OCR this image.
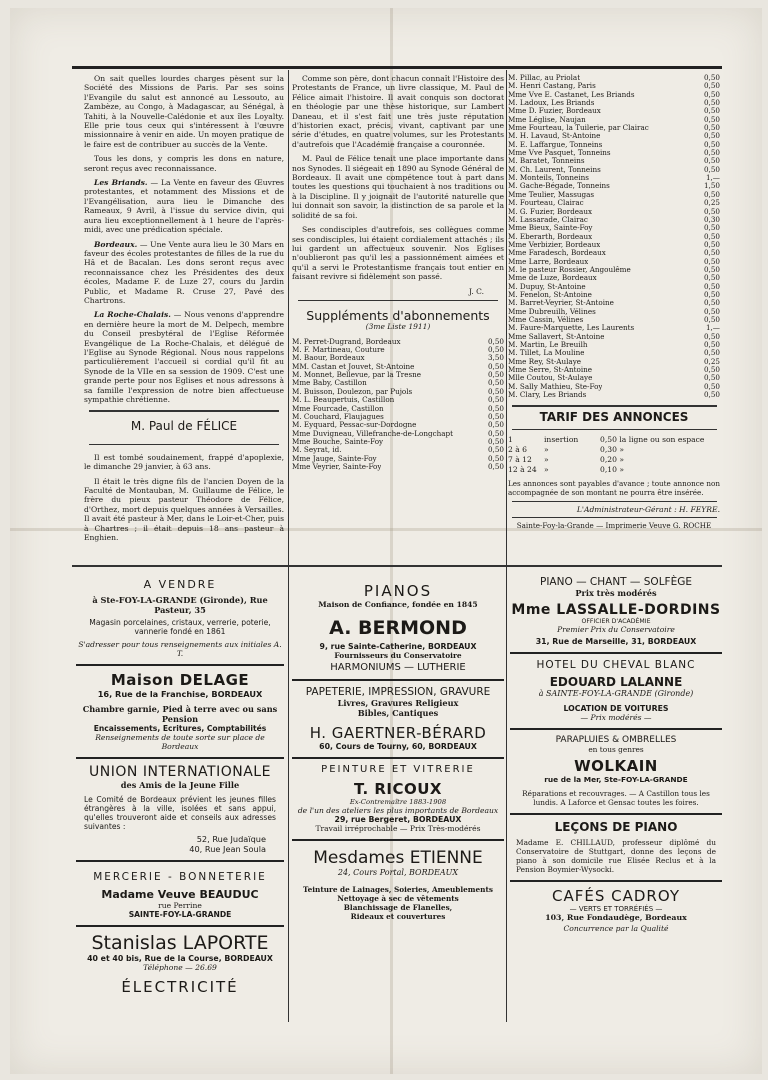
On sait quelles lourdes charges pèsent sur la Société des Missions de Paris. Par ses soins l'Evangile du salut est annoncé au Lessouto, au Zambèze, au Congo, à Madagascar, au Sénégal, à Tahiti, à la Nouvelle-Calédonie et aux îles Loyalty. Elle prie tous ceux qui s'intéressent à l'œuvre missionnaire à venir en aide. Un moyen pratique de le faire est de contribuer au succès de la Vente.

Tous les dons, y compris les dons en nature, seront reçus avec reconnaissance.

Les Briands. — La Vente en faveur des Œuvres protestantes, et notamment des Missions et de l'Evangélisation, aura lieu le Dimanche des Rameaux, 9 Avril, à l'issue du service divin, qui aura lieu exceptionnellement à 1 heure de l'après-midi, avec une prédication spéciale.

Bordeaux. — Une Vente aura lieu le 30 Mars en faveur des écoles protestantes de filles de la rue du Hâ et de Bacalan. Les dons seront reçus avec reconnaissance chez les Présidentes des deux écoles, Madame F. de Luze 27, cours du Jardin Public, et Madame R. Cruse 27, Pavé des Chartrons.

La Roche-Chalais. — Nous venons d'apprendre en dernière heure la mort de M. Delpech, membre du Conseil presbytéral de l'Eglise Réformée Evangélique de La Roche-Chalais, et délégué de l'Eglise au Synode Régional. Nous nous rappelons particulièrement l'accueil si cordial qu'il fit au Synode de la VIIe en sa session de 1909. C'est une grande perte pour nos Eglises et nous adressons à sa famille l'expression de notre bien affectueuse sympathie chrétienne.

M. Paul de FÉLICE

Il est tombé soudainement, frappé d'apoplexie, le dimanche 29 janvier, à 63 ans.

Il était le très digne fils de l'ancien Doyen de la Faculté de Montauban, M. Guillaume de Félice, le frère du pieux pasteur Théodore de Félice, d'Orthez, mort depuis quelques années à Versailles. Il avait été pasteur à Mer, dans le Loir-et-Cher, puis à Chartres ; il était depuis 18 ans pasteur à Enghien.

Comme son père, dont chacun connaît l'Histoire des Protestants de France, un livre classique, M. Paul de Félice aimait l'histoire. Il avait conquis son doctorat en théologie par une thèse historique, sur Lambert Daneau, et il s'est fait une très juste réputation d'historien exact, précis, vivant, captivant par une série d'études, en quatre volumes, sur les Protestants d'autrefois que l'Académie française a couronnée.

M. Paul de Félice tenait une place importante dans nos Synodes. Il siégeait en 1890 au Synode Général de Bordeaux. Il avait une compétence tout à part dans toutes les questions qui touchaient à nos traditions ou à la Discipline. Il y joignait de l'autorité naturelle que lui donnait son savoir, la distinction de sa parole et la solidité de sa foi.

Ses condisciples d'autrefois, ses collègues comme ses condisciples, lui étaient cordialement attachés ; ils lui gardent un affectueux souvenir. Nos Eglises n'oublieront pas qu'il les a passionnément aimées et qu'il a servi le Protestantisme français tout entier en faisant revivre si fidèlement son passé.

J. C.
Suppléments d'abonnements
(3me Liste 1911)
M. Perret-Dugrand, Bordeaux	0,50
M. F. Martineau, Couture	0,50
M. Baour, Bordeaux	3,50
MM. Castan et Jouvet, St-Antoine	0,50
M. Monnet, Bellevue, par la Tresne	0,50
Mme Baby, Castillon	0,50
M. Buisson, Doulezon, par Pujols	0,50
M. L. Beaupertuis, Castillon	0,50
Mme Fourcade, Castillon	0,50
M. Couchard, Flaujagues	0,50
M. Eyquard, Pessac-sur-Dordogne	0,50
Mme Duvigneau, Villefranche-de-Longchapt	0,50
Mme Bouche, Sainte-Foy	0,50
M. Seyrat, id.	0,50
Mme Jauge, Sainte-Foy	0,50
Mme Veyrier, Sainte-Foy	0,50
M. Pillac, au Priolat	0,50
M. Henri Castang, Paris	0,50
Mme Vve E. Castanet, Les Briands	0,50
M. Ladoux, Les Briands	0,50
Mme D. Fuzier, Bordeaux	0,50
Mme Léglise, Naujan	0,50
Mme Fourteau, la Tuilerie, par Clairac	0,50
M. H. Lavaud, St-Antoine	0,50
M. E. Laffargue, Tonneins	0,50
Mme Vve Pasquet, Tonneins	0,50
M. Baratet, Tonneins	0,50
M. Ch. Laurent, Tonneins	0,50
M. Monteils, Tonneins	1,—
M. Gache-Bégade, Tonneins	1,50
Mme Teulier, Massugas	0,50
M. Fourteau, Clairac	0,25
M. G. Fuzier, Bordeaux	0,50
M. Lassarade, Clairac	0,30
Mme Bieux, Sainte-Foy	0,50
M. Eberarth, Bordeaux	0,50
Mme Verbizier, Bordeaux	0,50
Mme Faradesch, Bordeaux	0,50
Mme Larre, Bordeaux	0,50
M. le pasteur Rossier, Angoulême	0,50
Mme de Luze, Bordeaux	0,50
M. Dupuy, St-Antoine	0,50
M. Fenelon, St-Antoine	0,50
M. Barret-Veyrier, St-Antoine	0,50
Mme Dubreuilh, Vélines	0,50
Mme Cassin, Vélines	0,50
M. Faure-Marquette, Les Laurents	1,—
Mme Sallavert, St-Antoine	0,50
M. Martin, Le Breuilh	0,50
M. Tillet, La Mouline	0,50
Mme Rey, St-Aulaye	0,25
Mme Serre, St-Antoine	0,50
Mlle Coutou, St-Aulaye	0,50
M. Sally Mathieu, Ste-Foy	0,50
M. Clary, Les Briands	0,50
TARIF DES ANNONCES
1	insertion	0,50 la ligne ou son espace
2 à 6	»	0,30 »
7 à 12	»	0,20 »
12 à 24 »	0,10 »
Les annonces sont payables d'avance ; toute annonce non accompagnée de son montant ne pourra être insérée.
L'Administrateur-Gérant : H. FEYRE.
Sainte-Foy-la-Grande — Imprimerie Veuve G. ROCHE
A VENDRE
à Ste-FOY-LA-GRANDE (Gironde), Rue Pasteur, 35
Magasin porcelaines, cristaux, verrerie, poterie, vannerie fondé en 1861
S'adresser pour tous renseignements aux initiales A. T.
Maison DELAGE
16, Rue de la Franchise, BORDEAUX
Chambre garnie, Pied à terre avec ou sans Pension
Encaissements, Ecritures, Comptabilités
Renseignements de toute sorte sur place de Bordeaux
UNION INTERNATIONALE
des Amis de la Jeune Fille
Le Comité de Bordeaux prévient les jeunes filles étrangères à la ville, isolées et sans appui, qu'elles trouveront aide et conseils aux adresses suivantes :
52, Rue Judaïque
40, Rue Jean Soula
MERCERIE - BONNETERIE
Madame Veuve BEAUDUC
rue Perrine
SAINTE-FOY-LA-GRANDE
Stanislas LAPORTE
40 et 40 bis, Rue de la Course, BORDEAUX
Téléphone — 26.69
ÉLECTRICITÉ
PIANOS
Maison de Confiance, fondée en 1845
A. BERMOND
9, rue Sainte-Catherine, BORDEAUX
Fournisseurs du Conservatoire
HARMONIUMS — LUTHERIE
PAPETERIE, IMPRESSION, GRAVURE
Livres, Gravures Religieux
Bibles, Cantiques
H. GAERTNER-BÉRARD
60, Cours de Tourny, 60, BORDEAUX
PEINTURE ET VITRERIE
T. RICOUX
Ex-Contremaître 1883-1908
de l'un des ateliers les plus importants de Bordeaux
29, rue Bergeret, BORDEAUX
Travail irréprochable — Prix Très-modérés
Mesdames ETIENNE
24, Cours Portal, BORDEAUX
Teinture de Lainages, Soieries, Ameublements
Nettoyage à sec de vêtements
Blanchissage de Flanelles,
Rideaux et couvertures
PIANO — CHANT — SOLFÈGE
Prix très modérés
Mme LASSALLE-DORDINS
OFFICIER D'ACADÉMIE
Premier Prix du Conservatoire
31, Rue de Marseille, 31, BORDEAUX
HOTEL DU CHEVAL BLANC
EDOUARD LALANNE
à SAINTE-FOY-LA-GRANDE (Gironde)
LOCATION DE VOITURES
— Prix modérés —
PARAPLUIES & OMBRELLES
en tous genres
WOLKAIN
rue de la Mer, Ste-FOY-LA-GRANDE
Réparations et recouvrages. — A Castillon tous les lundis. A Laforce et Gensac toutes les foires.
LEÇONS DE PIANO
Madame E. CHILLAUD, professeur diplômé du Conservatoire de Stuttgart, donne des leçons de piano à son domicile rue Elisée Reclus et à la Pension Boymier-Wysocki.
CAFÉS CADROY
— VERTS ET TORRÉFIÉS —
103, Rue Fondaudège, Bordeaux
Concurrence par la Qualité
